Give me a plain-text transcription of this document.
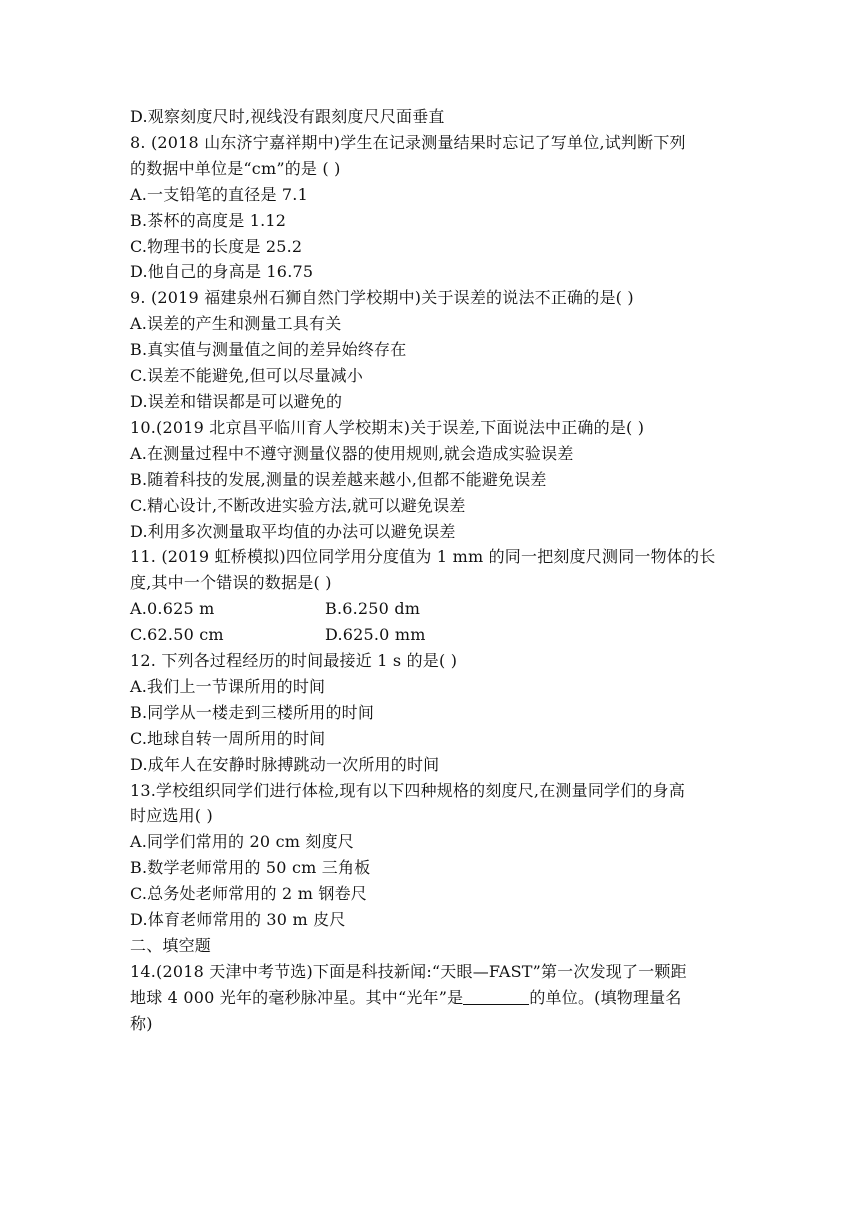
D.观察刻度尺时,视线没有跟刻度尺尺面垂直
8. (2018 山东济宁嘉祥期中)学生在记录测量结果时忘记了写单位,试判断下列
的数据中单位是“cm”的是 ( )
A.一支铅笔的直径是 7.1
B.茶杯的高度是 1.12
C.物理书的长度是 25.2
D.他自己的身高是 16.75
9. (2019 福建泉州石狮自然门学校期中)关于误差的说法不正确的是( )
A.误差的产生和测量工具有关
B.真实值与测量值之间的差异始终存在
C.误差不能避免,但可以尽量减小
D.误差和错误都是可以避免的
10.(2019 北京昌平临川育人学校期末)关于误差,下面说法中正确的是( )
A.在测量过程中不遵守测量仪器的使用规则,就会造成实验误差
B.随着科技的发展,测量的误差越来越小,但都不能避免误差
C.精心设计,不断改进实验方法,就可以避免误差
D.利用多次测量取平均值的办法可以避免误差
11. (2019 虹桥模拟)四位同学用分度值为 1 mm 的同一把刻度尺测同一物体的长
度,其中一个错误的数据是( )
A.0.625 m	B.6.250 dm
C.62.50 cm	D.625.0 mm
12. 下列各过程经历的时间最接近 1 s 的是( )
A.我们上一节课所用的时间
B.同学从一楼走到三楼所用的时间
C.地球自转一周所用的时间
D.成年人在安静时脉搏跳动一次所用的时间
13.学校组织同学们进行体检,现有以下四种规格的刻度尺,在测量同学们的身高
时应选用( )
A.同学们常用的 20 cm 刻度尺
B.数学老师常用的 50 cm 三角板
C.总务处老师常用的 2 m 钢卷尺
D.体育老师常用的 30 m 皮尺
二、填空题
14.(2018 天津中考节选)下面是科技新闻:“天眼—FAST”第一次发现了一颗距
地球 4 000 光年的毫秒脉冲星。其中“光年”是	的单位。(填物理量名
称)
